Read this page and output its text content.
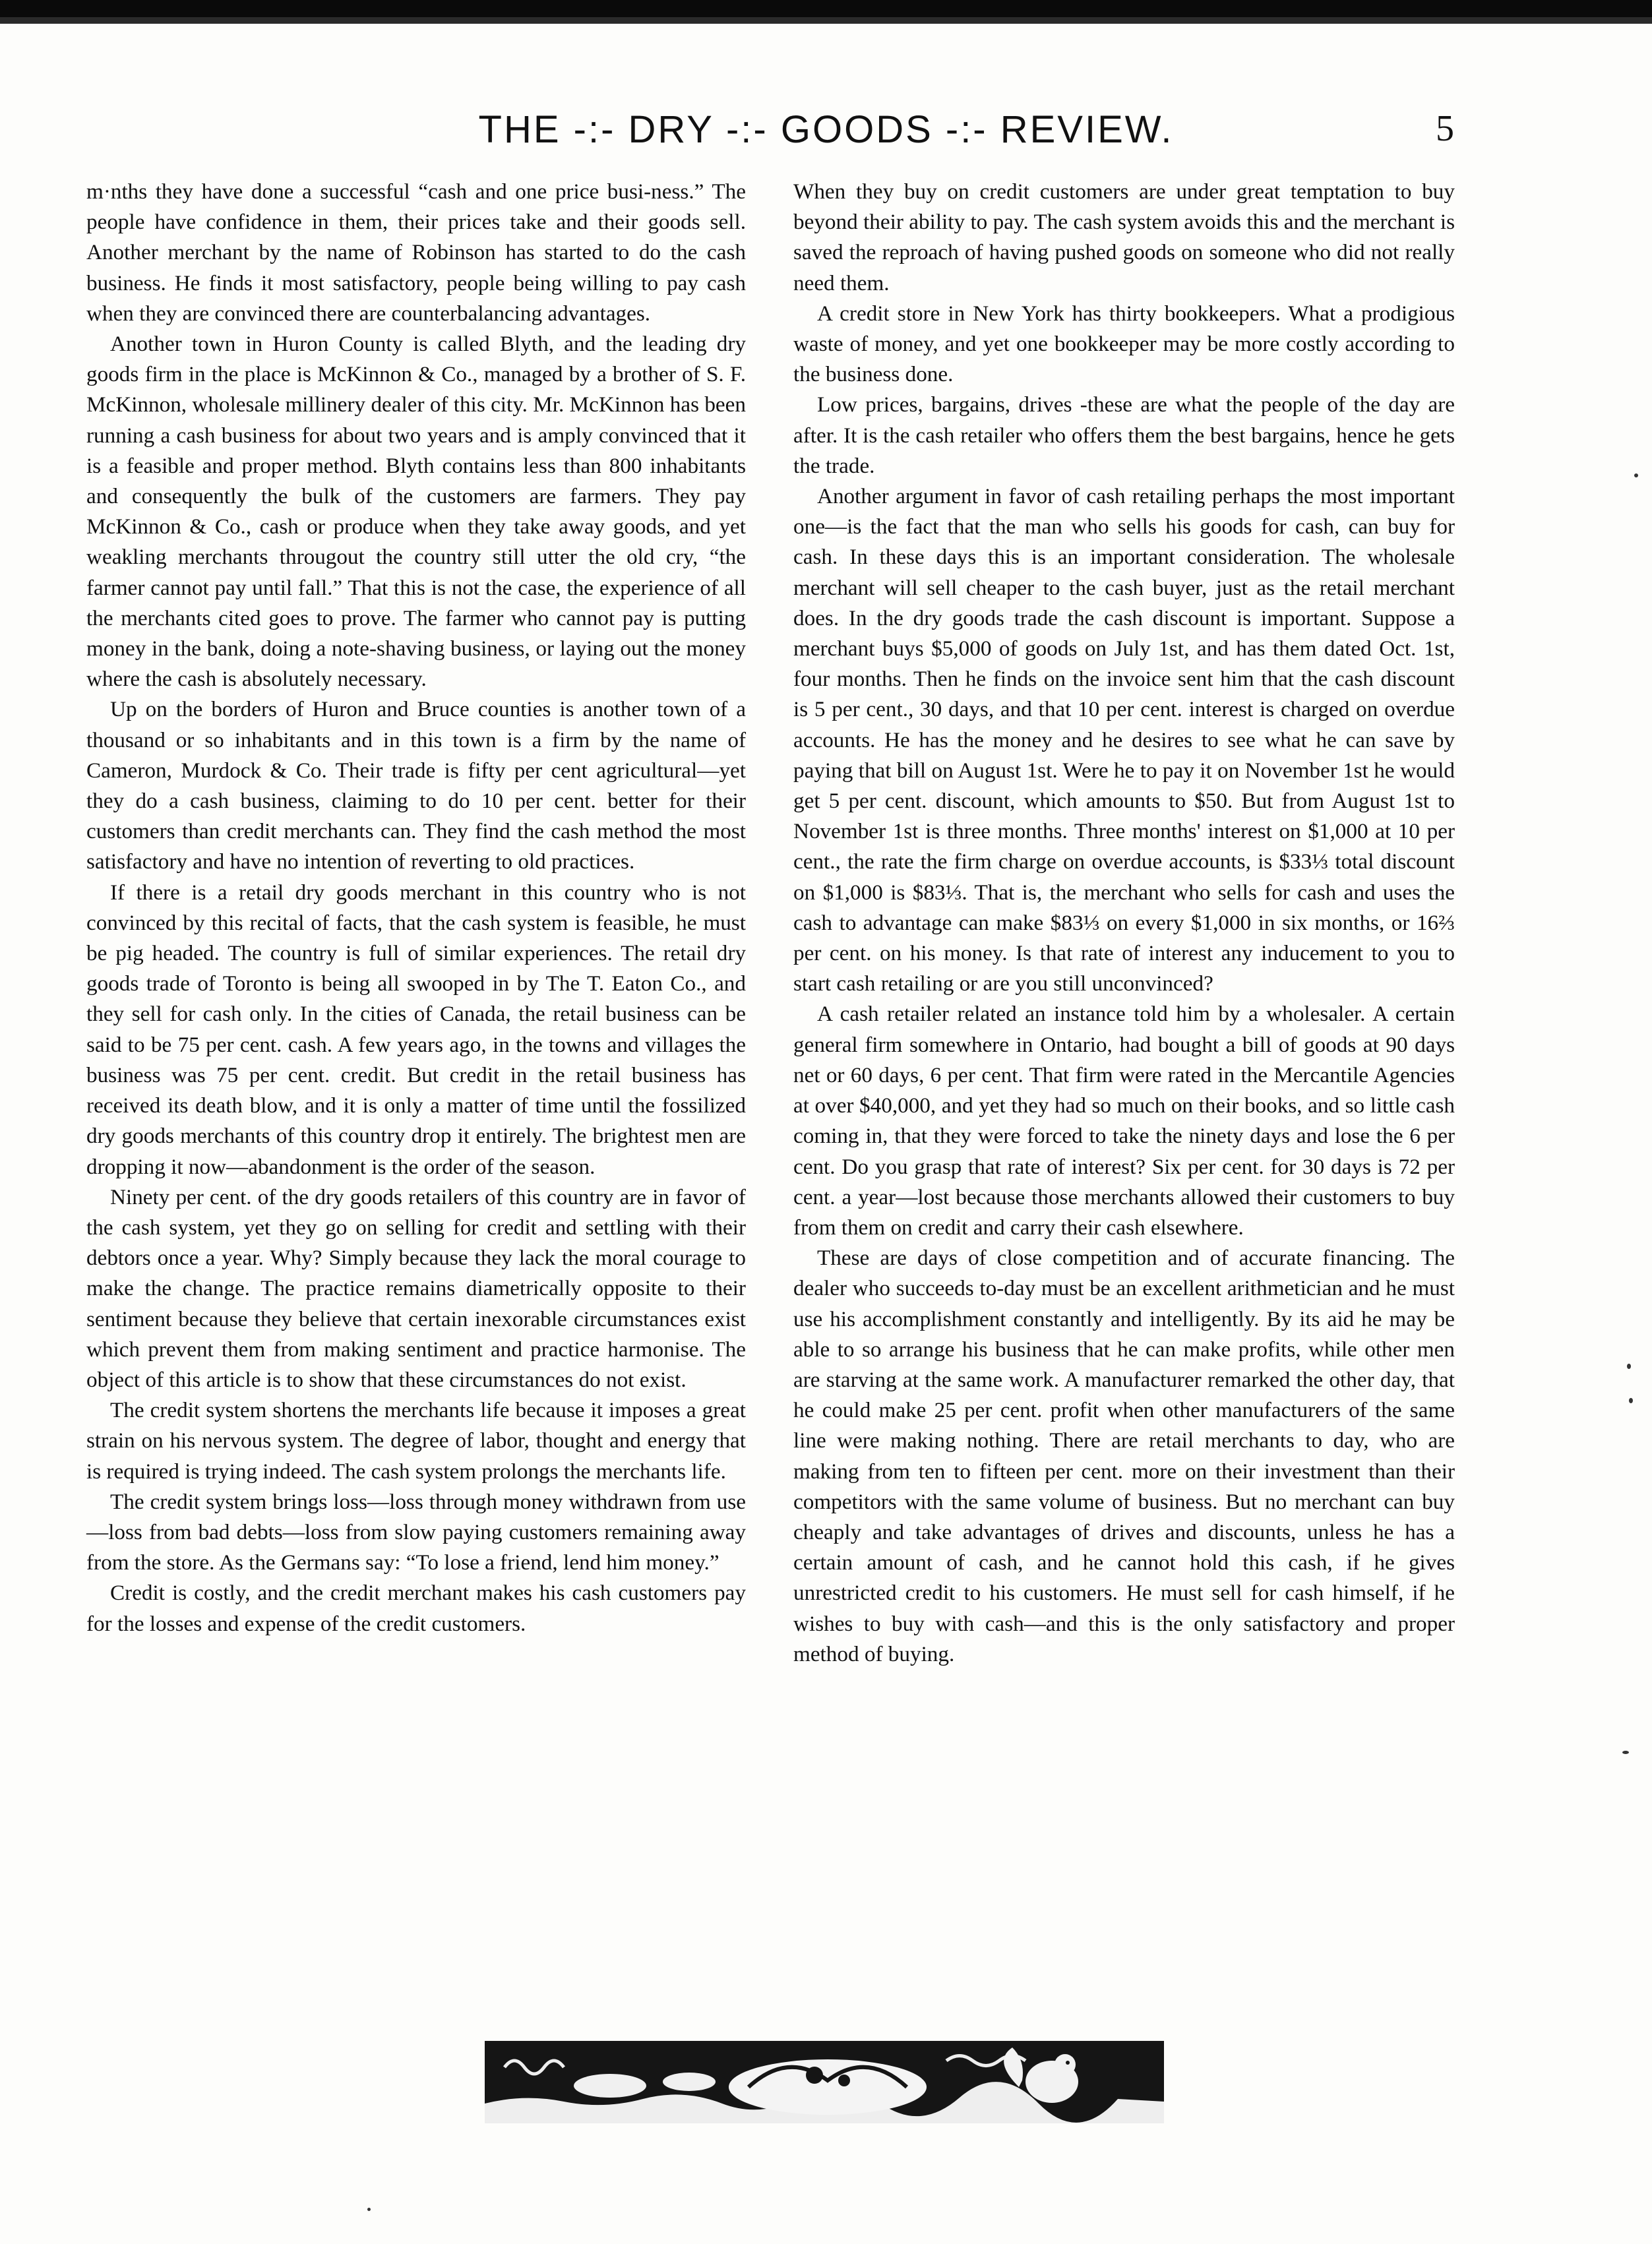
THE -:- DRY -:- GOODS -:- REVIEW.	5

m·nths they have done a successful “cash and one price busi-ness.” The people have confidence in them, their prices take and their goods sell. Another merchant by the name of Robinson has started to do the cash business. He finds it most satisfactory, people being willing to pay cash when they are convinced there are counterbalancing advantages.

Another town in Huron County is called Blyth, and the leading dry goods firm in the place is McKinnon & Co., managed by a brother of S. F. McKinnon, wholesale millinery dealer of this city. Mr. McKinnon has been running a cash business for about two years and is amply convinced that it is a feasible and proper method. Blyth contains less than 800 inhabitants and consequently the bulk of the customers are farmers. They pay McKinnon & Co., cash or produce when they take away goods, and yet weakling merchants througout the country still utter the old cry, “the farmer cannot pay until fall.” That this is not the case, the experience of all the merchants cited goes to prove. The farmer who cannot pay is putting money in the bank, doing a note-shaving business, or laying out the money where the cash is absolutely necessary.

Up on the borders of Huron and Bruce counties is another town of a thousand or so inhabitants and in this town is a firm by the name of Cameron, Murdock & Co. Their trade is fifty per cent agricultural—yet they do a cash business, claiming to do 10 per cent. better for their customers than credit merchants can. They find the cash method the most satisfactory and have no intention of reverting to old practices.

If there is a retail dry goods merchant in this country who is not convinced by this recital of facts, that the cash system is feasible, he must be pig headed. The country is full of similar experiences. The retail dry goods trade of Toronto is being all swooped in by The T. Eaton Co., and they sell for cash only. In the cities of Canada, the retail business can be said to be 75 per cent. cash. A few years ago, in the towns and villages the business was 75 per cent. credit. But credit in the retail business has received its death blow, and it is only a matter of time until the fossilized dry goods merchants of this country drop it entirely. The brightest men are dropping it now—abandonment is the order of the season.

Ninety per cent. of the dry goods retailers of this country are in favor of the cash system, yet they go on selling for credit and settling with their debtors once a year. Why? Simply because they lack the moral courage to make the change. The practice remains diametrically opposite to their sentiment because they believe that certain inexorable circumstances exist which prevent them from making sentiment and practice harmonise. The object of this article is to show that these circumstances do not exist.

The credit system shortens the merchants life because it imposes a great strain on his nervous system. The degree of labor, thought and energy that is required is trying indeed. The cash system prolongs the merchants life.

The credit system brings loss—loss through money withdrawn from use—loss from bad debts—loss from slow paying customers remaining away from the store. As the Germans say: “To lose a friend, lend him money.”

Credit is costly, and the credit merchant makes his cash customers pay for the losses and expense of the credit customers.

When they buy on credit customers are under great temptation to buy beyond their ability to pay. The cash system avoids this and the merchant is saved the reproach of having pushed goods on someone who did not really need them.

A credit store in New York has thirty bookkeepers. What a prodigious waste of money, and yet one bookkeeper may be more costly according to the business done.

Low prices, bargains, drives -these are what the people of the day are after. It is the cash retailer who offers them the best bargains, hence he gets the trade.

Another argument in favor of cash retailing perhaps the most important one—is the fact that the man who sells his goods for cash, can buy for cash. In these days this is an important consideration. The wholesale merchant will sell cheaper to the cash buyer, just as the retail merchant does. In the dry goods trade the cash discount is important. Suppose a merchant buys $5,000 of goods on July 1st, and has them dated Oct. 1st, four months. Then he finds on the invoice sent him that the cash discount is 5 per cent., 30 days, and that 10 per cent. interest is charged on overdue accounts. He has the money and he desires to see what he can save by paying that bill on August 1st. Were he to pay it on November 1st he would get 5 per cent. discount, which amounts to $50. But from August 1st to November 1st is three months. Three months' interest on $1,000 at 10 per cent., the rate the firm charge on overdue accounts, is $33⅓ total discount on $1,000 is $83⅓. That is, the merchant who sells for cash and uses the cash to advantage can make $83⅓ on every $1,000 in six months, or 16⅔ per cent. on his money. Is that rate of interest any inducement to you to start cash retailing or are you still unconvinced?

A cash retailer related an instance told him by a wholesaler. A certain general firm somewhere in Ontario, had bought a bill of goods at 90 days net or 60 days, 6 per cent. That firm were rated in the Mercantile Agencies at over $40,000, and yet they had so much on their books, and so little cash coming in, that they were forced to take the ninety days and lose the 6 per cent. Do you grasp that rate of interest? Six per cent. for 30 days is 72 per cent. a year—lost because those merchants allowed their customers to buy from them on credit and carry their cash elsewhere.

These are days of close competition and of accurate financing. The dealer who succeeds to-day must be an excellent arithmetician and he must use his accomplishment constantly and intelligently. By its aid he may be able to so arrange his business that he can make profits, while other men are starving at the same work. A manufacturer remarked the other day, that he could make 25 per cent. profit when other manufacturers of the same line were making nothing. There are retail merchants to day, who are making from ten to fifteen per cent. more on their investment than their competitors with the same volume of business. But no merchant can buy cheaply and take advantages of drives and discounts, unless he has a certain amount of cash, and he cannot hold this cash, if he gives unrestricted credit to his customers. He must sell for cash himself, if he wishes to buy with cash—and this is the only satisfactory and proper method of buying.
